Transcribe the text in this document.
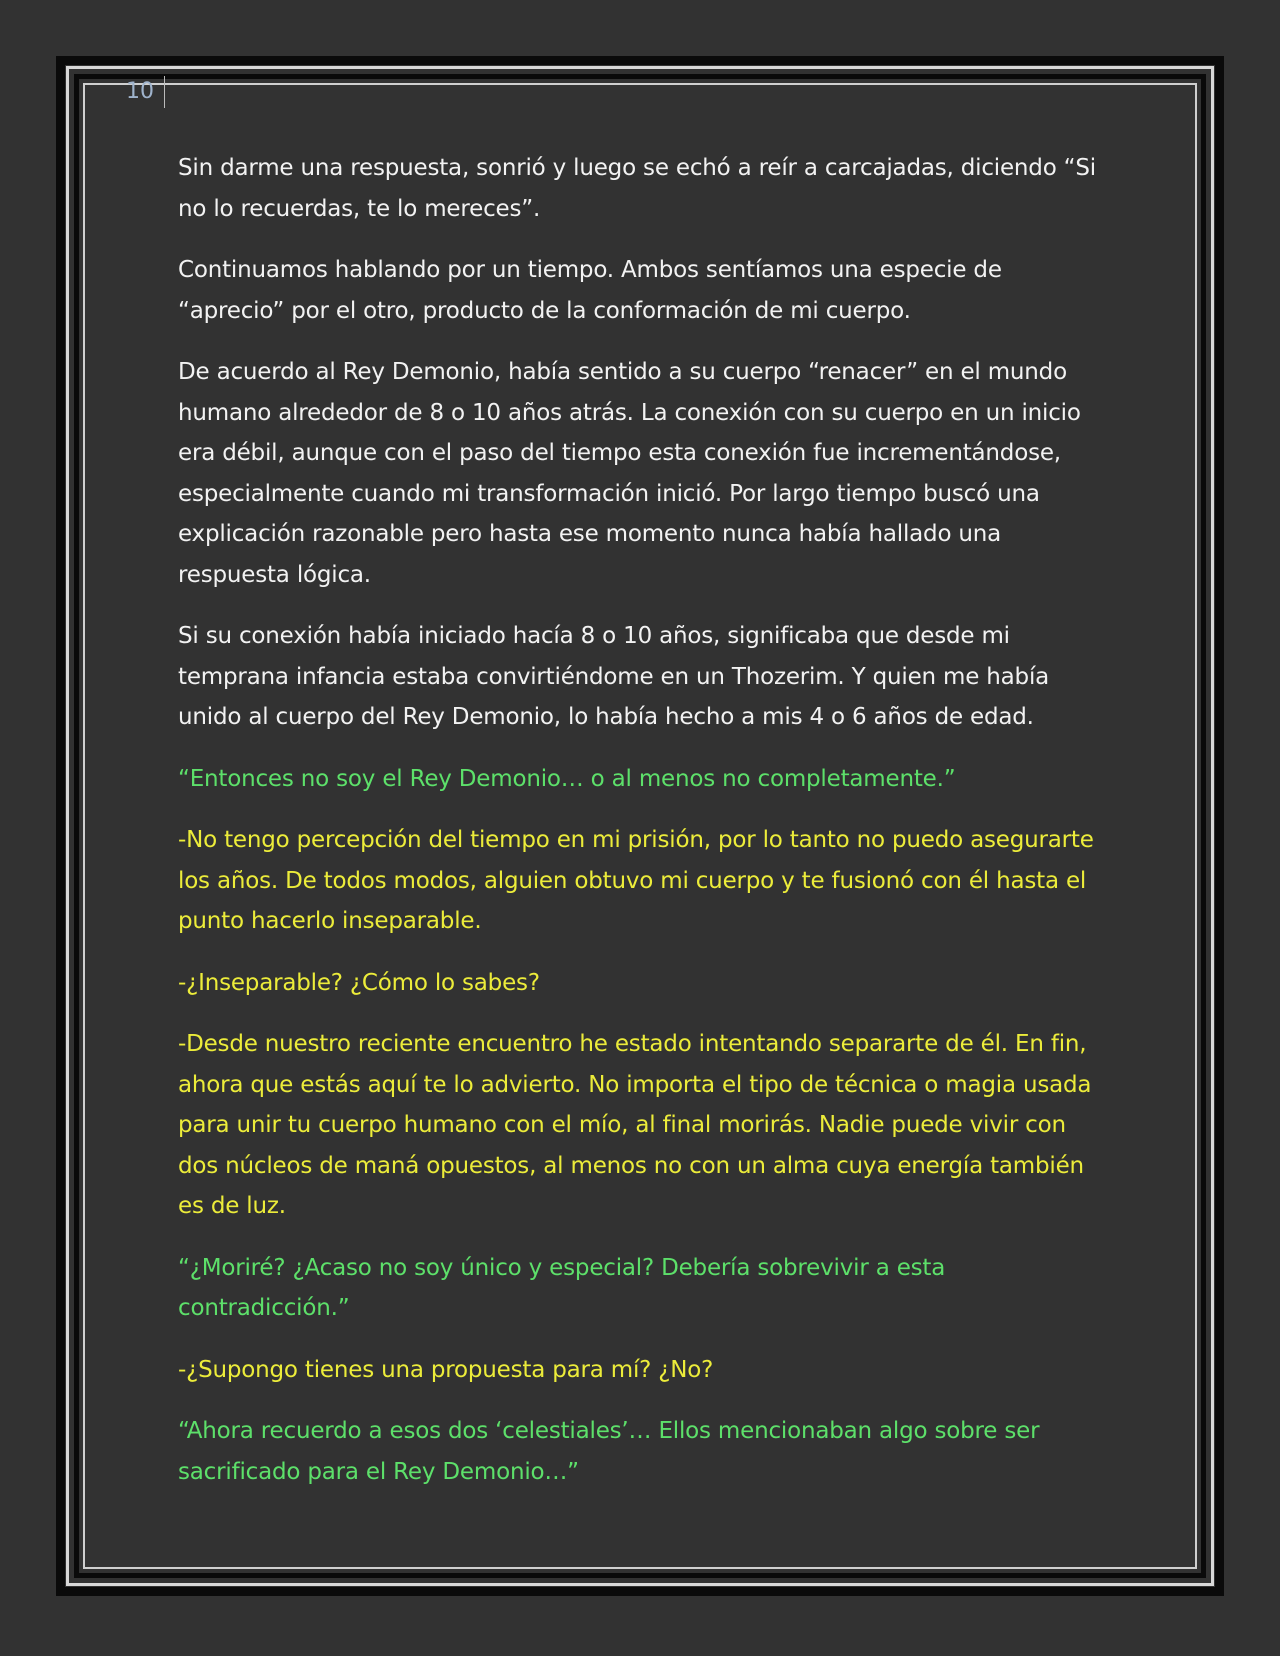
10

Sin darme una respuesta, sonrió y luego se echó a reír a carcajadas, diciendo “Si no lo recuerdas, te lo mereces”.

Continuamos hablando por un tiempo. Ambos sentíamos una especie de “aprecio” por el otro, producto de la conformación de mi cuerpo.

De acuerdo al Rey Demonio, había sentido a su cuerpo “renacer” en el mundo humano alrededor de 8 o 10 años atrás. La conexión con su cuerpo en un inicio era débil, aunque con el paso del tiempo esta conexión fue incrementándose, especialmente cuando mi transformación inició. Por largo tiempo buscó una explicación razonable pero hasta ese momento nunca había hallado una respuesta lógica.

Si su conexión había iniciado hacía 8 o 10 años, significaba que desde mi temprana infancia estaba convirtiéndome en un Thozerim. Y quien me había unido al cuerpo del Rey Demonio, lo había hecho a mis 4 o 6 años de edad.

“Entonces no soy el Rey Demonio… o al menos no completamente.”

-No tengo percepción del tiempo en mi prisión, por lo tanto no puedo asegurarte los años. De todos modos, alguien obtuvo mi cuerpo y te fusionó con él hasta el punto hacerlo inseparable.

-¿Inseparable? ¿Cómo lo sabes?

-Desde nuestro reciente encuentro he estado intentando separarte de él. En fin, ahora que estás aquí te lo advierto. No importa el tipo de técnica o magia usada para unir tu cuerpo humano con el mío, al final morirás. Nadie puede vivir con dos núcleos de maná opuestos, al menos no con un alma cuya energía también es de luz.

“¿Moriré? ¿Acaso no soy único y especial? Debería sobrevivir a esta contradicción.”

-¿Supongo tienes una propuesta para mí? ¿No?

“Ahora recuerdo a esos dos ‘celestiales’… Ellos mencionaban algo sobre ser sacrificado para el Rey Demonio…”
